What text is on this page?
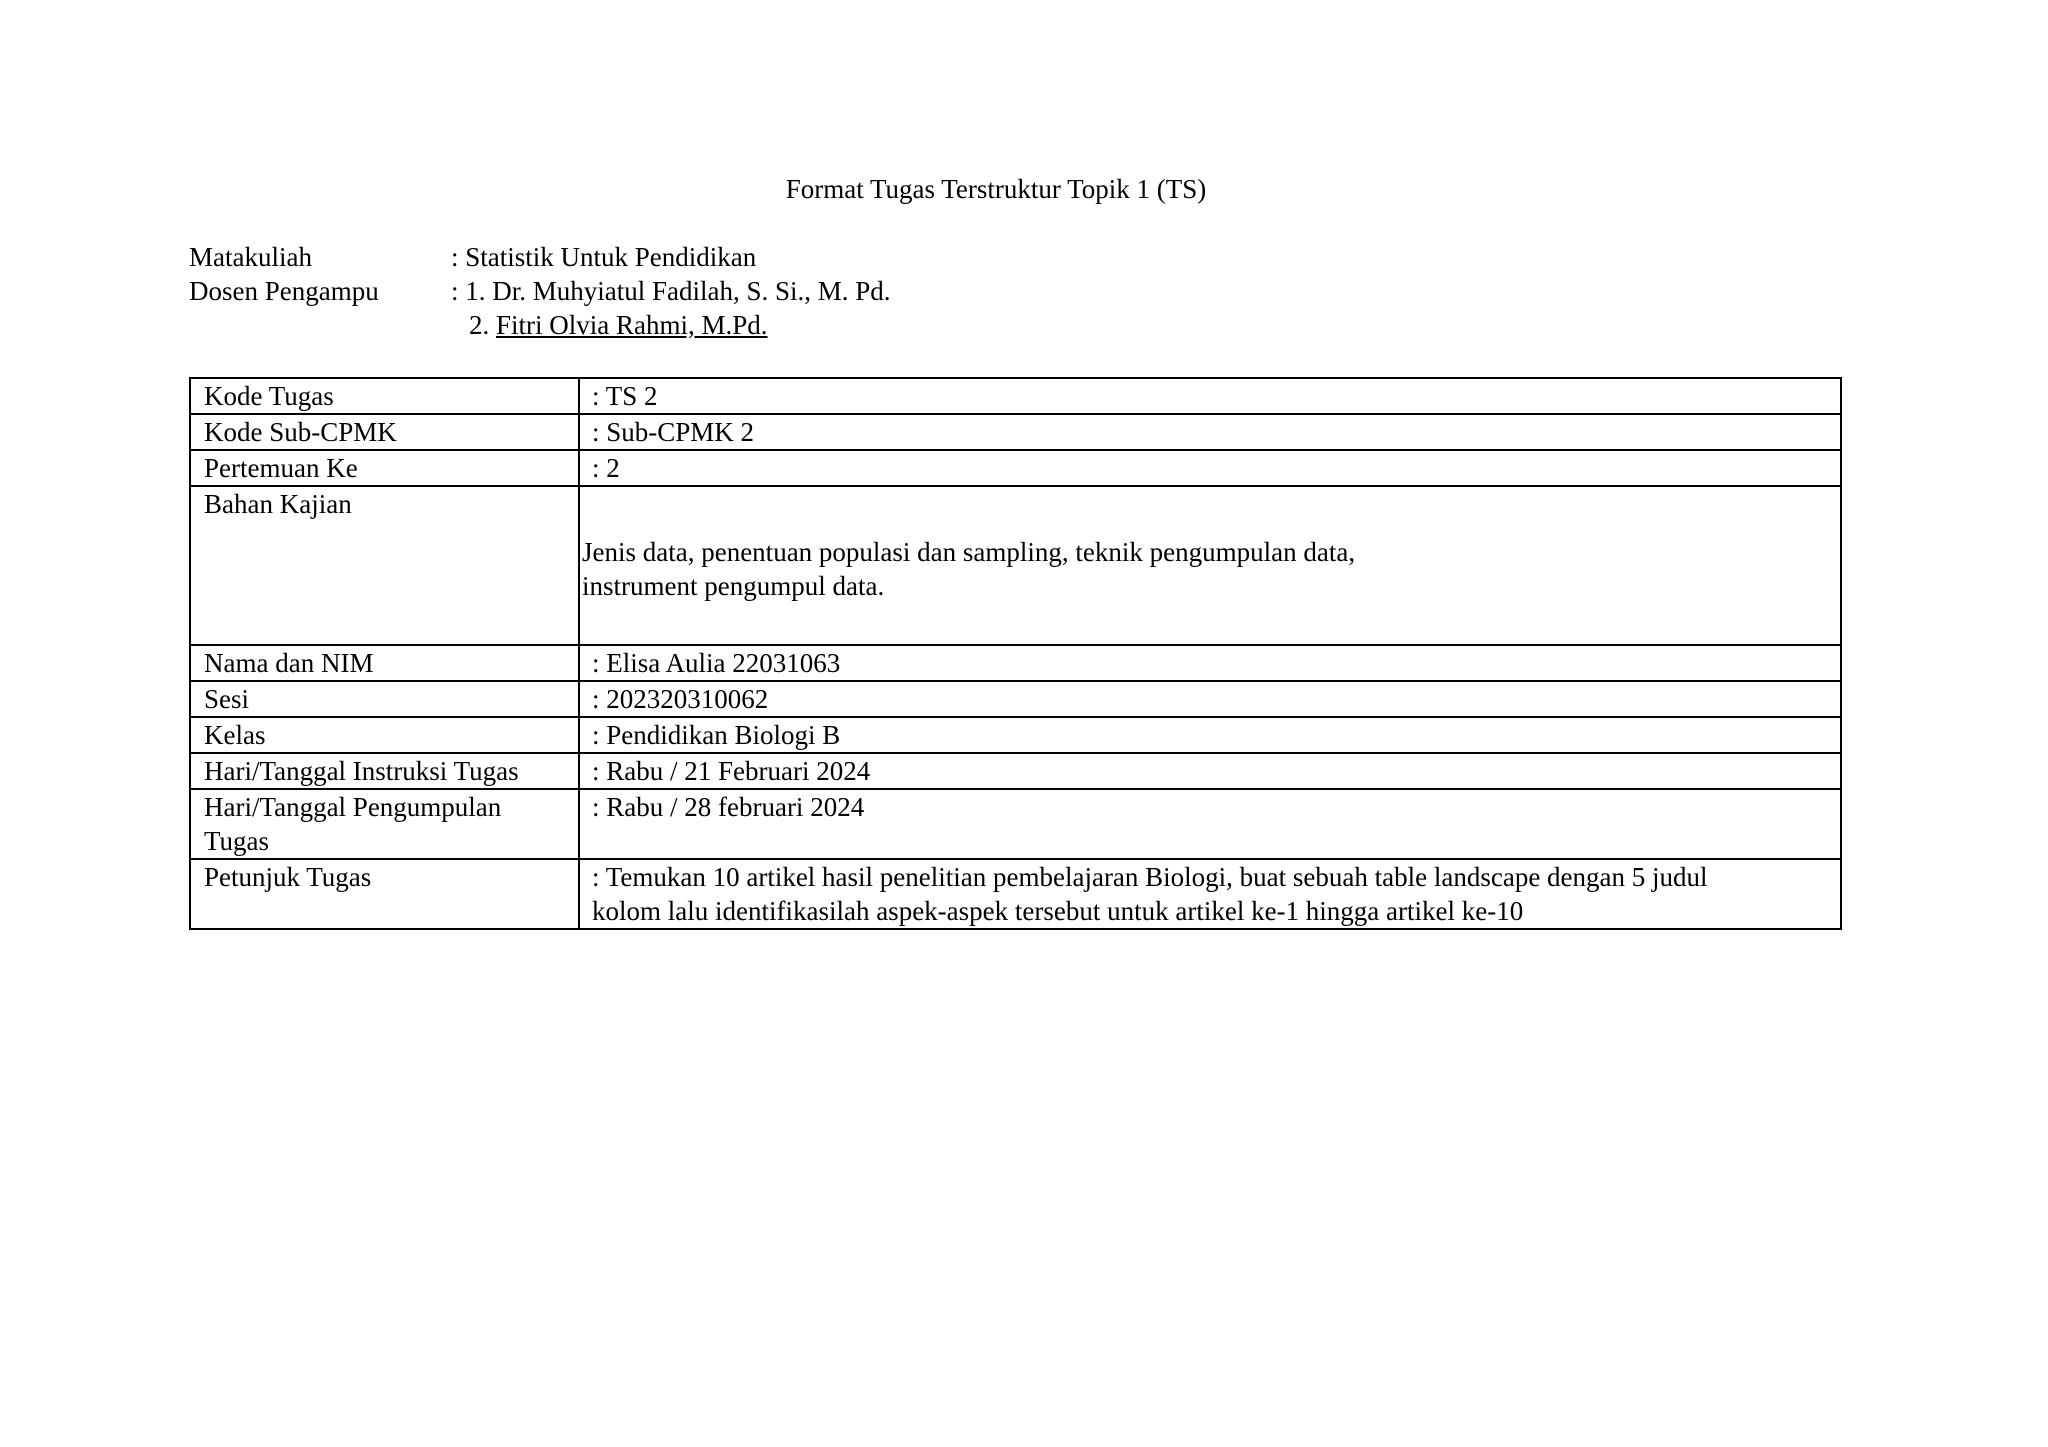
Format Tugas Terstruktur Topik 1 (TS)
Matakuliah	: Statistik Untuk Pendidikan
Dosen Pengampu	: 1. Dr. Muhyiatul Fadilah, S. Si., M. Pd.
2. Fitri Olvia Rahmi, M.Pd.
Kode Tugas	: TS 2
Kode Sub-CPMK	: Sub-CPMK 2
Pertemuan Ke	: 2

Bahan Kajian	Jenis data, penentuan populasi dan sampling, teknik pengumpulan data,
instrument pengumpul data.

Nama dan NIM	: Elisa Aulia 22031063
Sesi	: 202320310062
Kelas	: Pendidikan Biologi B
Hari/Tanggal Instruksi Tugas	: Rabu / 21 Februari 2024

Hari/Tanggal Pengumpulan
Tugas	: Rabu / 28 februari 2024
Petunjuk Tugas	: Temukan 10 artikel hasil penelitian pembelajaran Biologi, buat sebuah table landscape dengan 5 judul
kolom lalu identifikasilah aspek-aspek tersebut untuk artikel ke-1 hingga artikel ke-10
